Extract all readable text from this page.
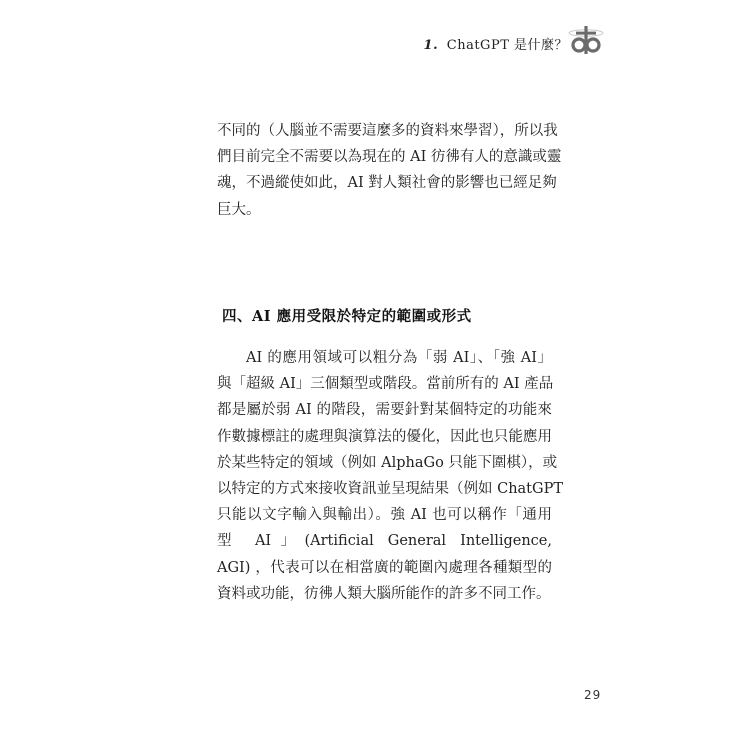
1. ChatGPT 是什麼？
不同的（人腦並不需要這麼多的資料來學習），所以我
們目前完全不需要以為現在的 AI 彷彿有人的意識或靈
魂，不過縱使如此，AI 對人類社會的影響也已經足夠
巨大。
四、AI 應用受限於特定的範圍或形式
AI 的應用領域可以粗分為「弱 AI」、「強 AI」
與「超級 AI」三個類型或階段。當前所有的 AI 產品
都是屬於弱 AI 的階段，需要針對某個特定的功能來
作數據標註的處理與演算法的優化，因此也只能應用
於某些特定的領域（例如 AlphaGo 只能下圍棋），或
以特定的方式來接收資訊並呈現結果（例如 ChatGPT
只能以文字輸入與輸出）。強 AI 也可以稱作「通用
型 AI」(Artificial General Intelligence,
AGI) ，代表可以在相當廣的範圍內處理各種類型的
資料或功能，彷彿人類大腦所能作的許多不同工作。
29
